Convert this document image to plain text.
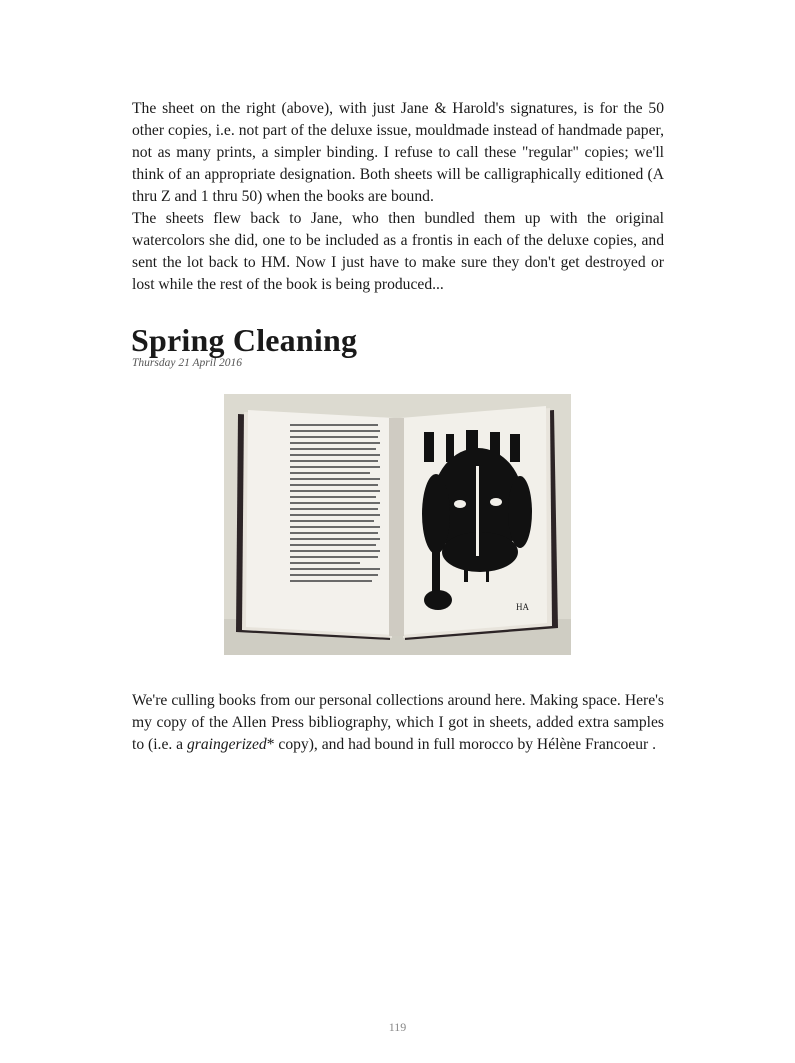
The sheet on the right (above), with just Jane & Harold's signatures, is for the 50 other copies, i.e. not part of the deluxe issue, mouldmade instead of handmade paper, not as many prints, a simpler binding. I refuse to call these "regular" copies; we'll think of an appropriate designation. Both sheets will be calligraphically editioned (A thru Z and 1 thru 50) when the books are bound.

The sheets flew back to Jane, who then bundled them up with the original watercolors she did, one to be included as a frontis in each of the deluxe copies, and sent the lot back to HM. Now I just have to make sure they don't get destroyed or lost while the rest of the book is being produced...

Spring Cleaning
Thursday 21 April 2016
HA

We're culling books from our personal collections around here. Making space. Here's my copy of the Allen Press bibliography, which I got in sheets, added extra samples to (i.e. a graingerized* copy), and had bound in full morocco by Hélène Francoeur .

119
